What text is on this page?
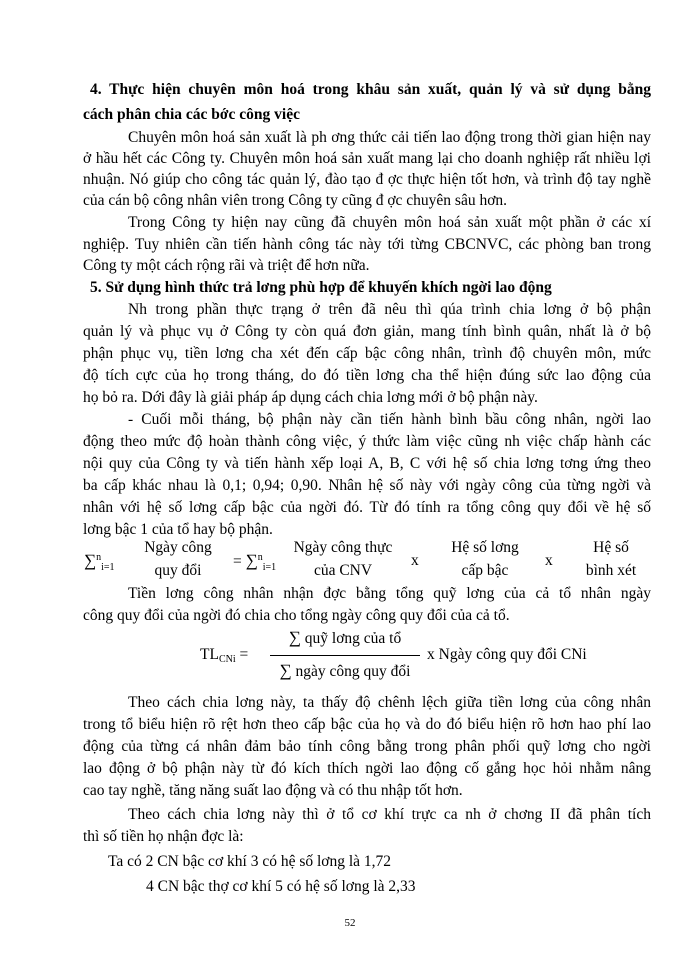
4. Thực hiện chuyên môn hoá trong khâu sản xuất, quản lý và sử dụng bằng
cách phân chia các bớc công việc
Chuyên môn hoá sản xuất là ph ơng thức cải tiến lao động trong thời gian hiện nay
ở hầu hết các Công ty. Chuyên môn hoá sản xuất mang lại cho doanh nghiệp rất nhiều lợi
nhuận. Nó giúp cho công tác quản lý, đào tạo đ ợc thực hiện tốt hơn, và trình độ tay nghề
của cán bộ công nhân viên trong Công ty cũng đ ợc chuyên sâu hơn.
Trong Công ty hiện nay cũng đã chuyên môn hoá sản xuất một phần ở các xí
nghiệp. Tuy nhiên cần tiến hành công tác này tới từng CBCNVC, các phòng ban trong
Công ty một cách rộng rãi và triệt để hơn nữa.
5. Sử dụng hình thức trả lơng phù hợp để khuyến khích ngời lao động
Nh trong phần thực trạng ở trên đã nêu thì qúa trình chia lơng ở bộ phận
quản lý và phục vụ ở Công ty còn quá đơn giản, mang tính bình quân, nhất là ở bộ
phận phục vụ, tiền lơng cha xét đến cấp bậc công nhân, trình độ chuyên môn, mức
độ tích cực của họ trong tháng, do đó tiền lơng cha thể hiện đúng sức lao động của
họ bỏ ra. Dới đây là giải pháp áp dụng cách chia lơng mới ở bộ phận này.
- Cuối mỗi tháng, bộ phận này cần tiến hành bình bầu công nhân, ngời lao
động theo mức độ hoàn thành công việc, ý thức làm việc cũng nh việc chấp hành các
nội quy của Công ty và tiến hành xếp loại A, B, C với hệ số chia lơng tơng ứng theo
ba cấp khác nhau là 0,1; 0,94; 0,90. Nhân hệ số này với ngày công của từng ngời và
nhân với hệ số lơng cấp bậc của ngời đó. Từ đó tính ra tổng công quy đổi về hệ số
lơng bậc 1 của tổ hay bộ phận.
∑$^n_{i=1}$
Ngày công
quy đổi
= ∑$^n_{i=1}$
Ngày công thực
của CNV
x
Hệ số lơng
cấp bậc
x
Hệ số
bình xét
Tiền lơng công nhân nhận đợc bằng tổng quỹ lơng của cả tổ nhân ngày
công quy đổi của ngời đó chia cho tổng ngày công quy đổi của cả tổ.
TLCNi =
∑ quỹ lơng của tổ
∑ ngày công quy đổi
x Ngày công quy đổi CNi
Theo cách chia lơng này, ta thấy độ chênh lệch giữa tiền lơng của công nhân
trong tổ biểu hiện rõ rệt hơn theo cấp bậc của họ và do đó biểu hiện rõ hơn hao phí lao
động của từng cá nhân đảm bảo tính công bằng trong phân phối quỹ lơng cho ngời
lao động ở bộ phận này từ đó kích thích ngời lao động cố gắng học hỏi nhằm nâng
cao tay nghề, tăng năng suất lao động và có thu nhập tốt hơn.
Theo cách chia lơng này thì ở tổ cơ khí trực ca nh ở chơng II đã phân tích
thì số tiền họ nhận đợc là:
Ta có 2 CN bậc cơ khí 3 có hệ số lơng là 1,72
4 CN bậc thợ cơ khí 5 có hệ số lơng là 2,33
52
